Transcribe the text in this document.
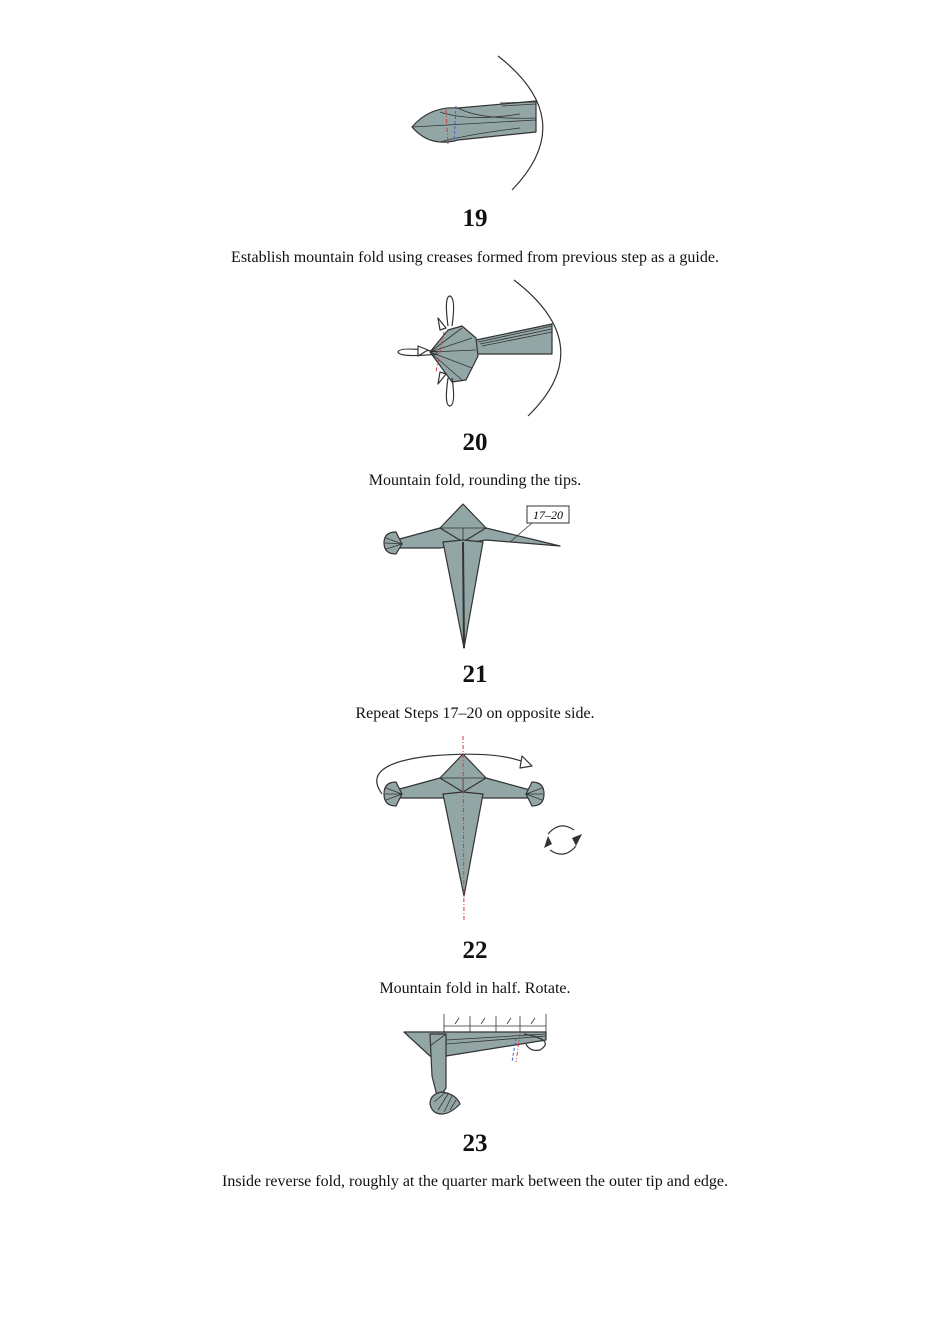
19
Establish mountain fold using creases formed from previous step as a guide.
20
Mountain fold, rounding the tips.
17–20
21
Repeat Steps 17–20 on opposite side.
22
Mountain fold in half. Rotate.
23
Inside reverse fold, roughly at the quarter mark between the outer tip and edge.
